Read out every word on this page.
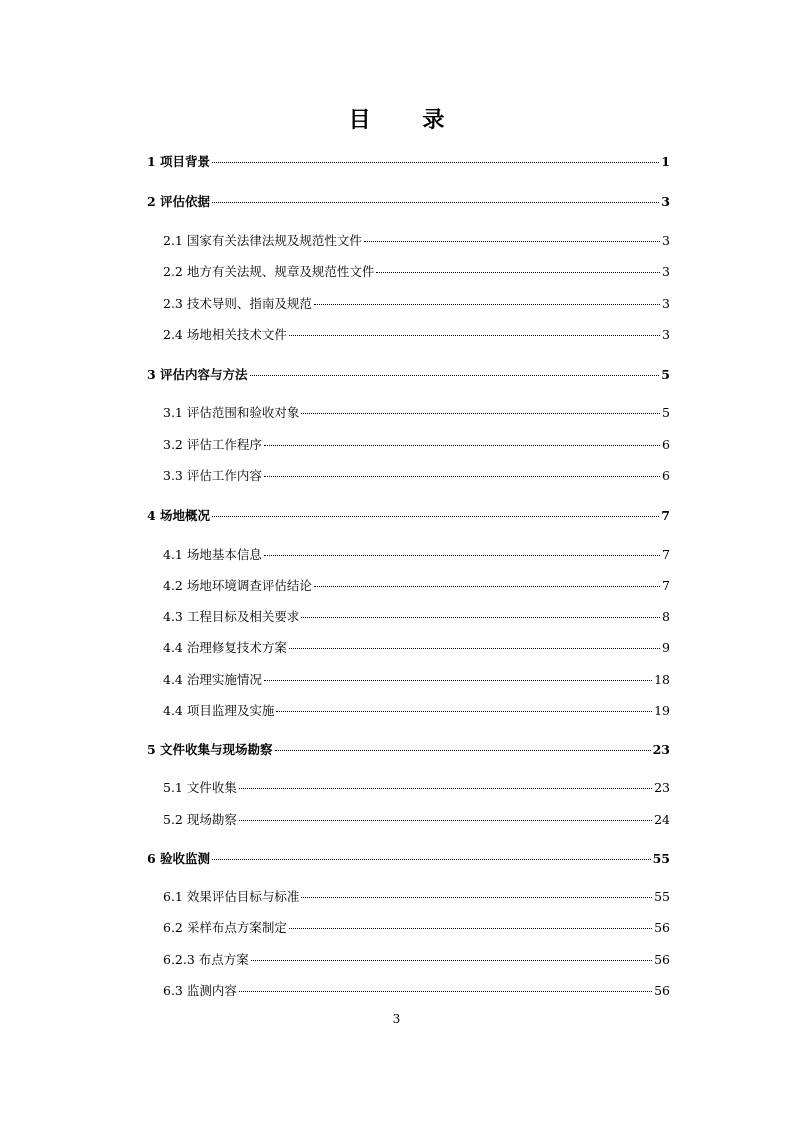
目 录
1 项目背景	1
2 评估依据	3
2.1 国家有关法律法规及规范性文件	3
2.2 地方有关法规、规章及规范性文件	3
2.3 技术导则、指南及规范	3
2.4 场地相关技术文件	3
3 评估内容与方法	5
3.1 评估范围和验收对象	5
3.2 评估工作程序	6
3.3 评估工作内容	6
4 场地概况	7
4.1 场地基本信息	7
4.2 场地环境调查评估结论	7
4.3 工程目标及相关要求	8
4.4 治理修复技术方案	9
4.4 治理实施情况	18
4.4 项目监理及实施	19
5 文件收集与现场勘察	23
5.1 文件收集	23
5.2 现场勘察	24
6 验收监测	55
6.1 效果评估目标与标准	55
6.2 采样布点方案制定	56
6.2.3 布点方案	56
6.3 监测内容	56
3
